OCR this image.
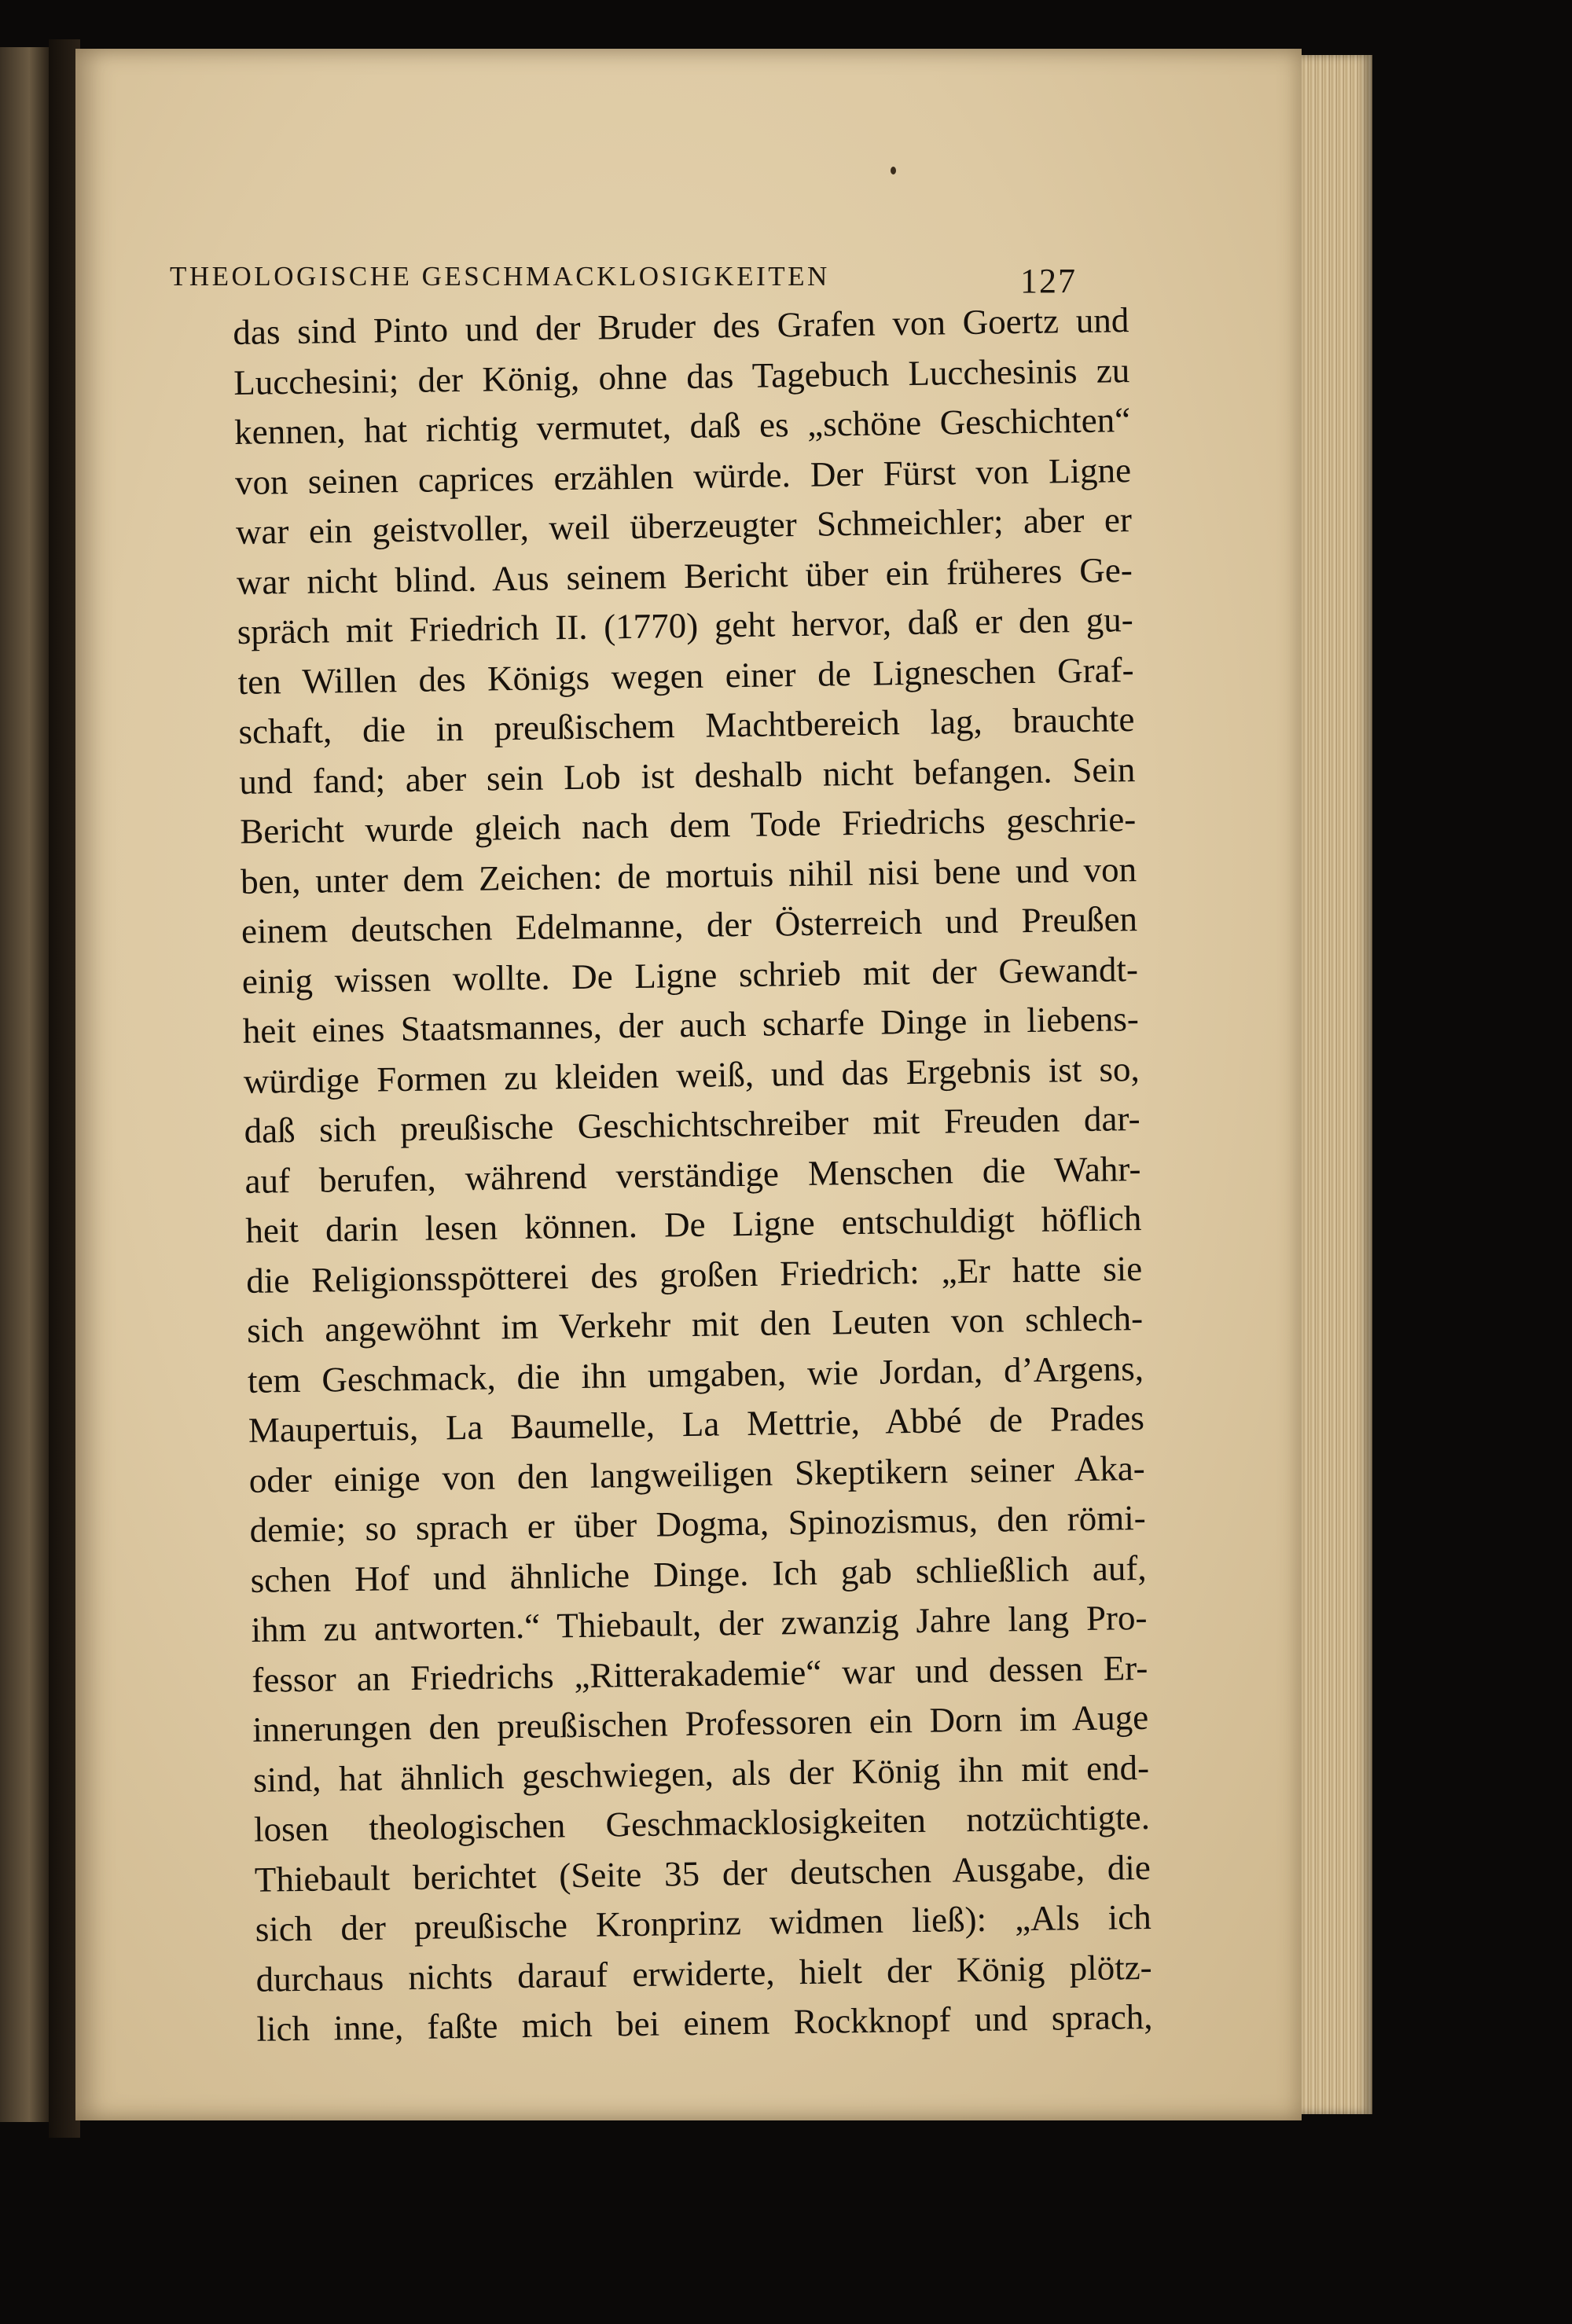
THEOLOGISCHE GESCHMACKLOSIGKEITEN	127
das sind Pinto und der Bruder des Grafen von Goertz und
Lucchesini; der König, ohne das Tagebuch Lucchesinis zu
kennen, hat richtig vermutet, daß es „schöne Geschichten“
von seinen caprices erzählen würde. Der Fürst von Ligne
war ein geistvoller, weil überzeugter Schmeichler; aber er
war nicht blind. Aus seinem Bericht über ein früheres Ge-
spräch mit Friedrich II. (1770) geht hervor, daß er den gu-
ten Willen des Königs wegen einer de Ligneschen Graf-
schaft, die in preußischem Machtbereich lag, brauchte
und fand; aber sein Lob ist deshalb nicht befangen. Sein
Bericht wurde gleich nach dem Tode Friedrichs geschrie-
ben, unter dem Zeichen: de mortuis nihil nisi bene und von
einem deutschen Edelmanne, der Österreich und Preußen
einig wissen wollte. De Ligne schrieb mit der Gewandt-
heit eines Staatsmannes, der auch scharfe Dinge in liebens-
würdige Formen zu kleiden weiß, und das Ergebnis ist so,
daß sich preußische Geschichtschreiber mit Freuden dar-
auf berufen, während verständige Menschen die Wahr-
heit darin lesen können. De Ligne entschuldigt höflich
die Religionsspötterei des großen Friedrich: „Er hatte sie
sich angewöhnt im Verkehr mit den Leuten von schlech-
tem Geschmack, die ihn umgaben, wie Jordan, d’Argens,
Maupertuis, La Baumelle, La Mettrie, Abbé de Prades
oder einige von den langweiligen Skeptikern seiner Aka-
demie; so sprach er über Dogma, Spinozismus, den römi-
schen Hof und ähnliche Dinge. Ich gab schließlich auf,
ihm zu antworten.“ Thiebault, der zwanzig Jahre lang Pro-
fessor an Friedrichs „Ritterakademie“ war und dessen Er-
innerungen den preußischen Professoren ein Dorn im Auge
sind, hat ähnlich geschwiegen, als der König ihn mit end-
losen theologischen Geschmacklosigkeiten notzüchtigte.
Thiebault berichtet (Seite 35 der deutschen Ausgabe, die
sich der preußische Kronprinz widmen ließ): „Als ich
durchaus nichts darauf erwiderte, hielt der König plötz-
lich inne, faßte mich bei einem Rockknopf und sprach,
